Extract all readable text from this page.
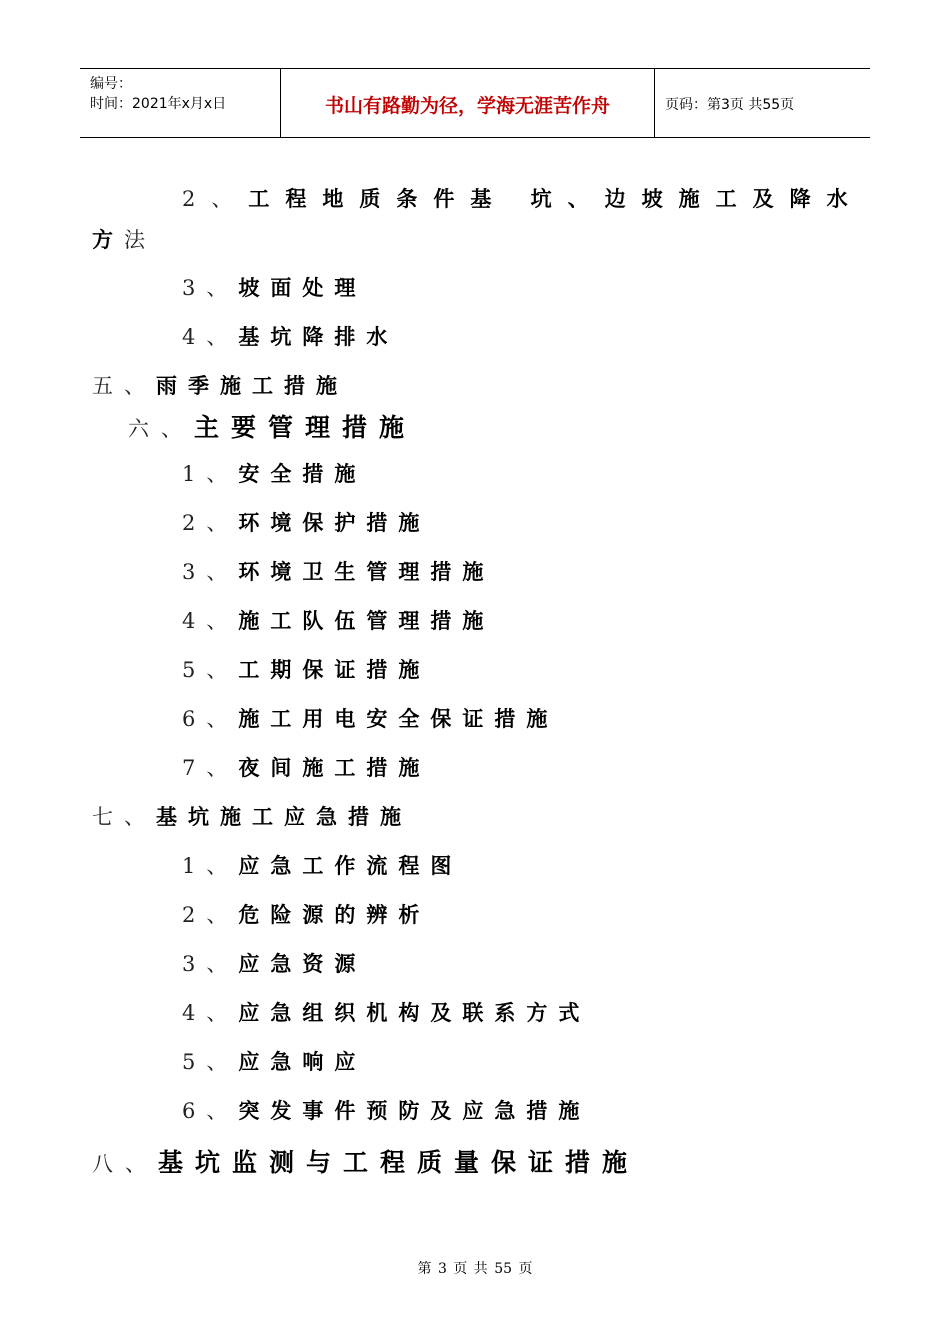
编号：
时间：2021年x月x日	书山有路勤为径，学海无涯苦作舟	页码：第3页 共55页
2、工程地质条件基 坑、边坡施工及降水
方法
3、坡面处理
4、基坑降排水
五、雨季施工措施
六、主要管理措施
1、安全措施
2、环境保护措施
3、环境卫生管理措施
4、施工队伍管理措施
5、工期保证措施
6、施工用电安全保证措施
7、夜间施工措施
七、基坑施工应急措施
1、应急工作流程图
2、危险源的辨析
3、应急资源
4、应急组织机构及联系方式
5、应急响应
6、突发事件预防及应急措施
八、基坑监测与工程质量保证措施
第 3 页 共 55 页
